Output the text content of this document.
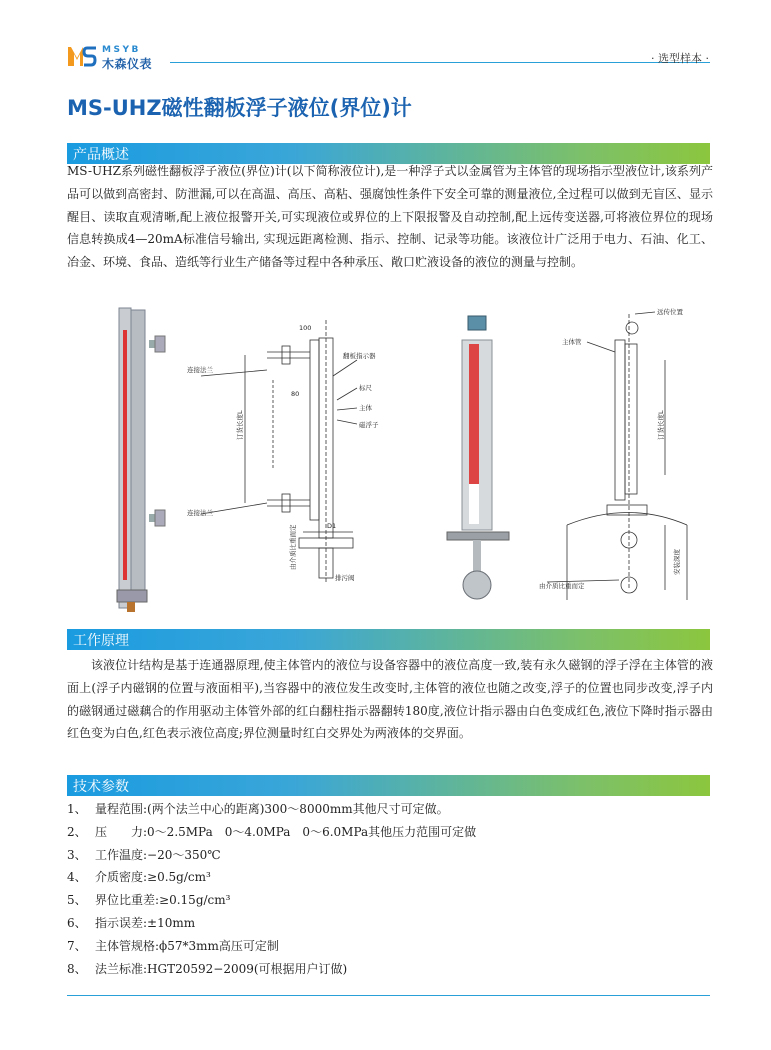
MSYB
木森仪表	· 选型样本 ·
MS-UHZ磁性翻板浮子液位(界位)计
产品概述

MS-UHZ系列磁性翻板浮子液位(界位)计(以下简称液位计),是一种浮子式以金属管为主体管的现场指示型液位计,该系列产品可以做到高密封、防泄漏,可以在高温、高压、高粘、强腐蚀性条件下安全可靠的测量液位,全过程可以做到无盲区、显示醒目、读取直观清晰,配上液位报警开关,可实现液位或界位的上下限报警及自动控制,配上远传变送器,可将液位界位的现场信息转换成4—20mA标准信号输出, 实现远距离检测、指示、控制、记录等功能。该液位计广泛用于电力、石油、化工、冶金、环境、食品、造纸等行业生产储备等过程中各种承压、敞口贮液设备的液位的测量与控制。

连接法兰
连接法兰
翻板指示器
标尺
主体
磁浮子
订货长度L
100
80
D1
排污阀
由介质比重而定
主体管
远传位置
订货长度L
安装深度
由介质比重而定
工作原理

该液位计结构是基于连通器原理,使主体管内的液位与设备容器中的液位高度一致,装有永久磁钢的浮子浮在主体管的液面上(浮子内磁钢的位置与液面相平),当容器中的液位发生改变时,主体管的液位也随之改变,浮子的位置也同步改变,浮子内的磁钢通过磁藕合的作用驱动主体管外部的红白翻柱指示器翻转180度,液位计指示器由白色变成红色,液位下降时指示器由红色变为白色,红色表示液位高度;界位测量时红白交界处为两液体的交界面。

技术参数
1、 量程范围:(两个法兰中心的距离)300～8000mm其他尺寸可定做。
2、 压　　力:0～2.5MPa　0～4.0MPa　0～6.0MPa其他压力范围可定做
3、 工作温度:−20～350℃
4、 介质密度:≥0.5g/cm³
5、 界位比重差:≥0.15g/cm³
6、 指示误差:±10mm
7、 主体管规格:ϕ57*3mm高压可定制
8、 法兰标准:HGT20592−2009(可根据用户订做)
